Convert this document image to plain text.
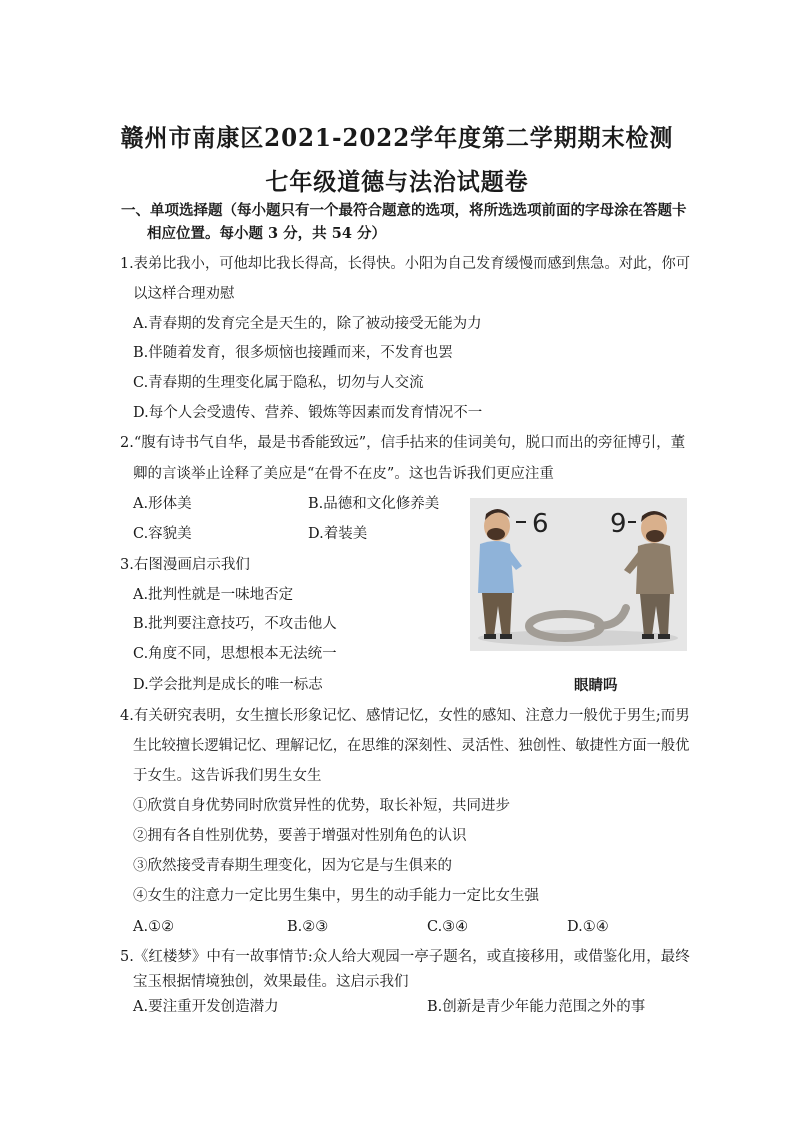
赣州市南康区2021-2022学年度第二学期期末检测
七年级道德与法治试题卷
一、单项选择题（每小题只有一个最符合题意的选项，将所选选项前面的字母涂在答题卡
相应位置。每小题 3 分，共 54 分）
1.表弟比我小，可他却比我长得高，长得快。小阳为自己发育缓慢而感到焦急。对此，你可
以这样合理劝慰
A.青春期的发育完全是天生的，除了被动接受无能为力
B.伴随着发育，很多烦恼也接踵而来，不发育也罢
C.青春期的生理变化属于隐私，切勿与人交流
D.每个人会受遗传、营养、锻炼等因素而发育情况不一
2.“腹有诗书气自华，最是书香能致远”，信手拈来的佳词美句，脱口而出的旁征博引，董
卿的言谈举止诠释了美应是“在骨不在皮”。这也告诉我们更应注重
A.形体美	B.品德和文化修养美
C.容貌美	D.着装美
3.右图漫画启示我们
A.批判性就是一味地否定
B.批判要注意技巧，不攻击他人
C.角度不同，思想根本无法统一
D.学会批判是成长的唯一标志
6 9
眼睛吗
4.有关研究表明，女生擅长形象记忆、感情记忆，女性的感知、注意力一般优于男生;而男
生比较擅长逻辑记忆、理解记忆，在思维的深刻性、灵活性、独创性、敏捷性方面一般优
于女生。这告诉我们男生女生
①欣赏自身优势同时欣赏异性的优势，取长补短，共同进步
②拥有各自性别优势，要善于增强对性别角色的认识
③欣然接受青春期生理变化，因为它是与生俱来的
④女生的注意力一定比男生集中，男生的动手能力一定比女生强
A.①②	B.②③	C.③④	D.①④
5.《红楼梦》中有一故事情节:众人给大观园一亭子题名，或直接移用，或借鉴化用，最终
宝玉根据情境独创，效果最佳。这启示我们
A.要注重开发创造潜力	B.创新是青少年能力范围之外的事
